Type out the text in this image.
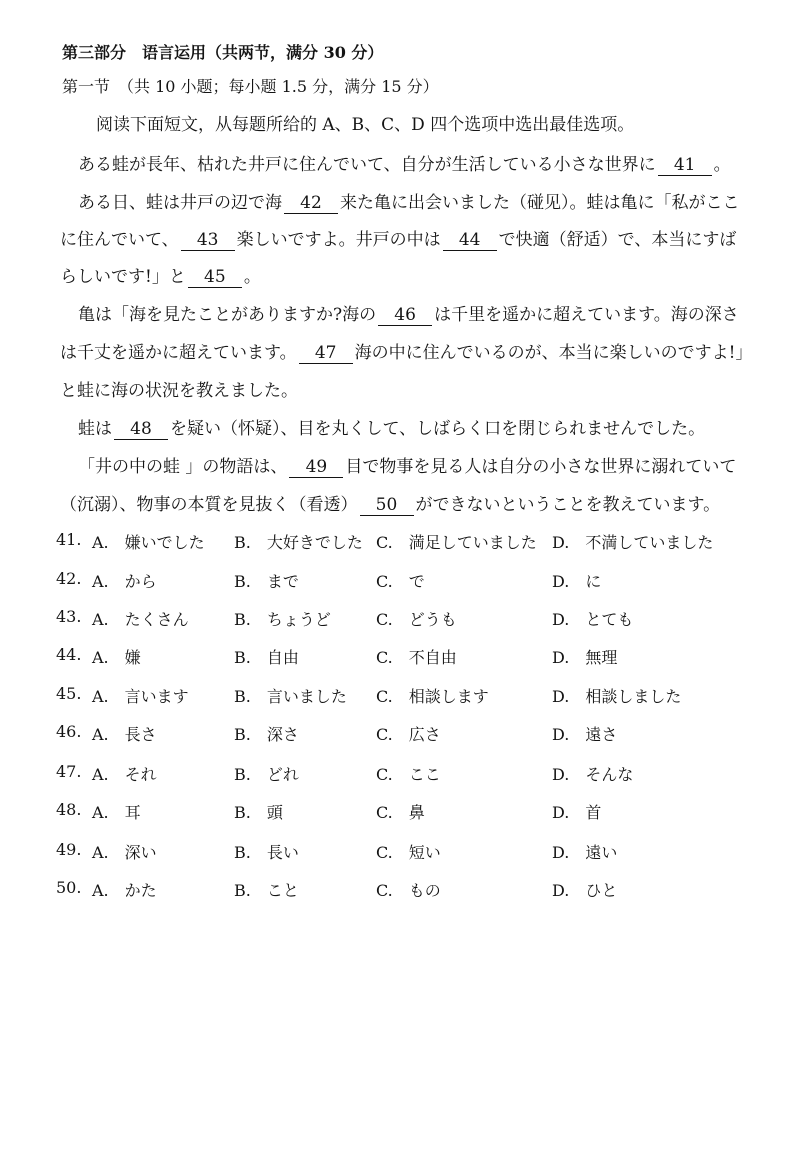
第三部分　语言运用（共两节，满分 30 分）
第一节　（共 10 小题；每小题 1.5 分，满分 15 分）
阅读下面短文，从每题所给的 A、B、C、D 四个选项中选出最佳选项。
ある蛙が長年、枯れた井戸に住んでいて、自分が生活している小さな世界に 41 。
ある日、蛙は井戸の辺で海 42 来た亀に出会いました（碰见）。蛙は亀に「私がここ
に住んでいて、 43 楽しいですよ。井戸の中は 44 で快適（舒适）で、本当にすば
らしいです!」と 45 。
亀は「海を見たことがありますか?海の 46 は千里を遥かに超えています。海の深さ
は千丈を遥かに超えています。 47 海の中に住んでいるのが、本当に楽しいのですよ!」
と蛙に海の状況を教えました。
蛙は 48 を疑い（怀疑）、目を丸くして、しばらく口を閉じられませんでした。
「井の中の蛙 」の物語は、 49 目で物事を見る人は自分の小さな世界に溺れていて
（沉溺）、物事の本質を見抜く（看透） 50 ができないということを教えています。
41. A.　嫌いでした B.　大好きでした C.　満足していました D.　不満していました
42. A.　から	B.　まで	C.　で	D.　に
43. A.　たくさん	B.　ちょうど	C.　どうも	D.　とても
44. A.　嫌	B.　自由	C.　不自由	D.　無理
45. A.　言います	B.　言いました C.　相談します	D.　相談しました
46. A.　長さ	B.　深さ	C.　広さ	D.　遠さ
47. A.　それ	B.　どれ	C.　ここ	D.　そんな
48. A.　耳	B.　頭	C.　鼻	D.　首
49. A.　深い	B.　長い	C.　短い	D.　遠い
50. A.　かた	B.　こと	C.　もの	D.　ひと
